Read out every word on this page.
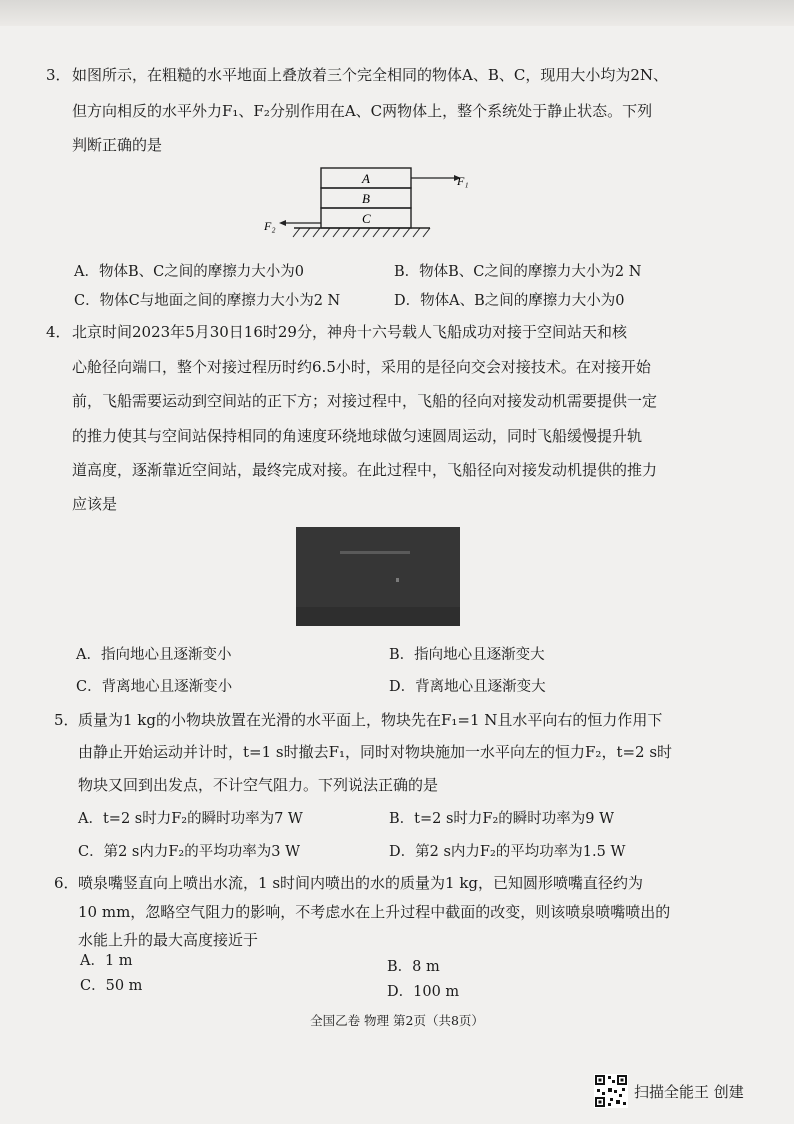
3． 如图所示，在粗糙的水平地面上叠放着三个完全相同的物体A、B、C，现用大小均为2N、
但方向相反的水平外力F₁、F₂分别作用在A、C两物体上，整个系统处于静止状态。下列
判断正确的是
A
B
C
F₁
F₂
A．物体B、C之间的摩擦力大小为0	B．物体B、C之间的摩擦力大小为2 N
C．物体C与地面之间的摩擦力大小为2 N	D．物体A、B之间的摩擦力大小为0
4． 北京时间2023年5月30日16时29分，神舟十六号载人飞船成功对接于空间站天和核
心舱径向端口，整个对接过程历时约6.5小时，采用的是径向交会对接技术。在对接开始
前，飞船需要运动到空间站的正下方；对接过程中，飞船的径向对接发动机需要提供一定
的推力使其与空间站保持相同的角速度环绕地球做匀速圆周运动，同时飞船缓慢提升轨
道高度，逐渐靠近空间站，最终完成对接。在此过程中，飞船径向对接发动机提供的推力
应该是
A．指向地心且逐渐变小	B．指向地心且逐渐变大
C．背离地心且逐渐变小	D．背离地心且逐渐变大
5． 质量为1 kg的小物块放置在光滑的水平面上，物块先在F₁=1 N且水平向右的恒力作用下
由静止开始运动并计时，t=1 s时撤去F₁，同时对物块施加一水平向左的恒力F₂，t=2 s时
物块又回到出发点，不计空气阻力。下列说法正确的是
A．t=2 s时力F₂的瞬时功率为7 W	B．t=2 s时力F₂的瞬时功率为9 W
C．第2 s内力F₂的平均功率为3 W	D．第2 s内力F₂的平均功率为1.5 W
6． 喷泉嘴竖直向上喷出水流，1 s时间内喷出的水的质量为1 kg，已知圆形喷嘴直径约为
10 mm，忽略空气阻力的影响，不考虑水在上升过程中截面的改变，则该喷泉喷嘴喷出的
水能上升的最大高度接近于
A．1 m	B．8 m
C．50 m	D．100 m
全国乙卷 物理 第2页（共8页）
扫描全能王 创建
